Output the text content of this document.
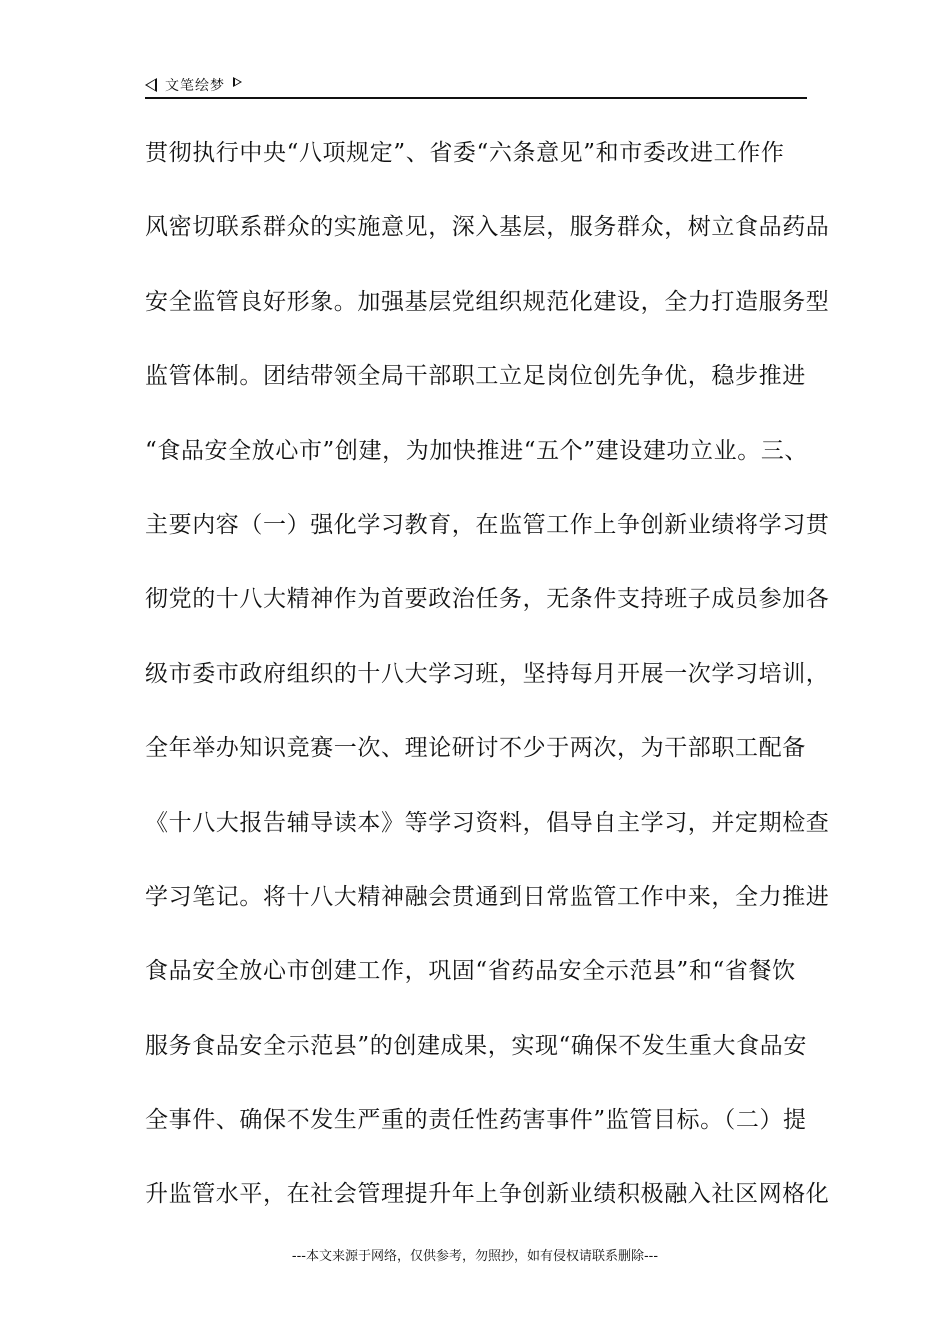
文笔绘梦
贯彻执行中央“八项规定”、省委“六条意见”和市委改进工作作
风密切联系群众的实施意见，深入基层，服务群众，树立食品药品
安全监管良好形象。加强基层党组织规范化建设，全力打造服务型
监管体制。团结带领全局干部职工立足岗位创先争优，稳步推进
“食品安全放心市”创建，为加快推进“五个”建设建功立业。三、
主要内容（一）强化学习教育，在监管工作上争创新业绩将学习贯
彻党的十八大精神作为首要政治任务，无条件支持班子成员参加各
级市委市政府组织的十八大学习班，坚持每月开展一次学习培训，
全年举办知识竞赛一次、理论研讨不少于两次，为干部职工配备
《十八大报告辅导读本》等学习资料，倡导自主学习，并定期检查
学习笔记。将十八大精神融会贯通到日常监管工作中来，全力推进
食品安全放心市创建工作，巩固“省药品安全示范县”和“省餐饮
服务食品安全示范县”的创建成果，实现“确保不发生重大食品安
全事件、确保不发生严重的责任性药害事件”监管目标。（二）提
升监管水平，在社会管理提升年上争创新业绩积极融入社区网格化
---本文来源于网络，仅供参考，勿照抄，如有侵权请联系删除---
